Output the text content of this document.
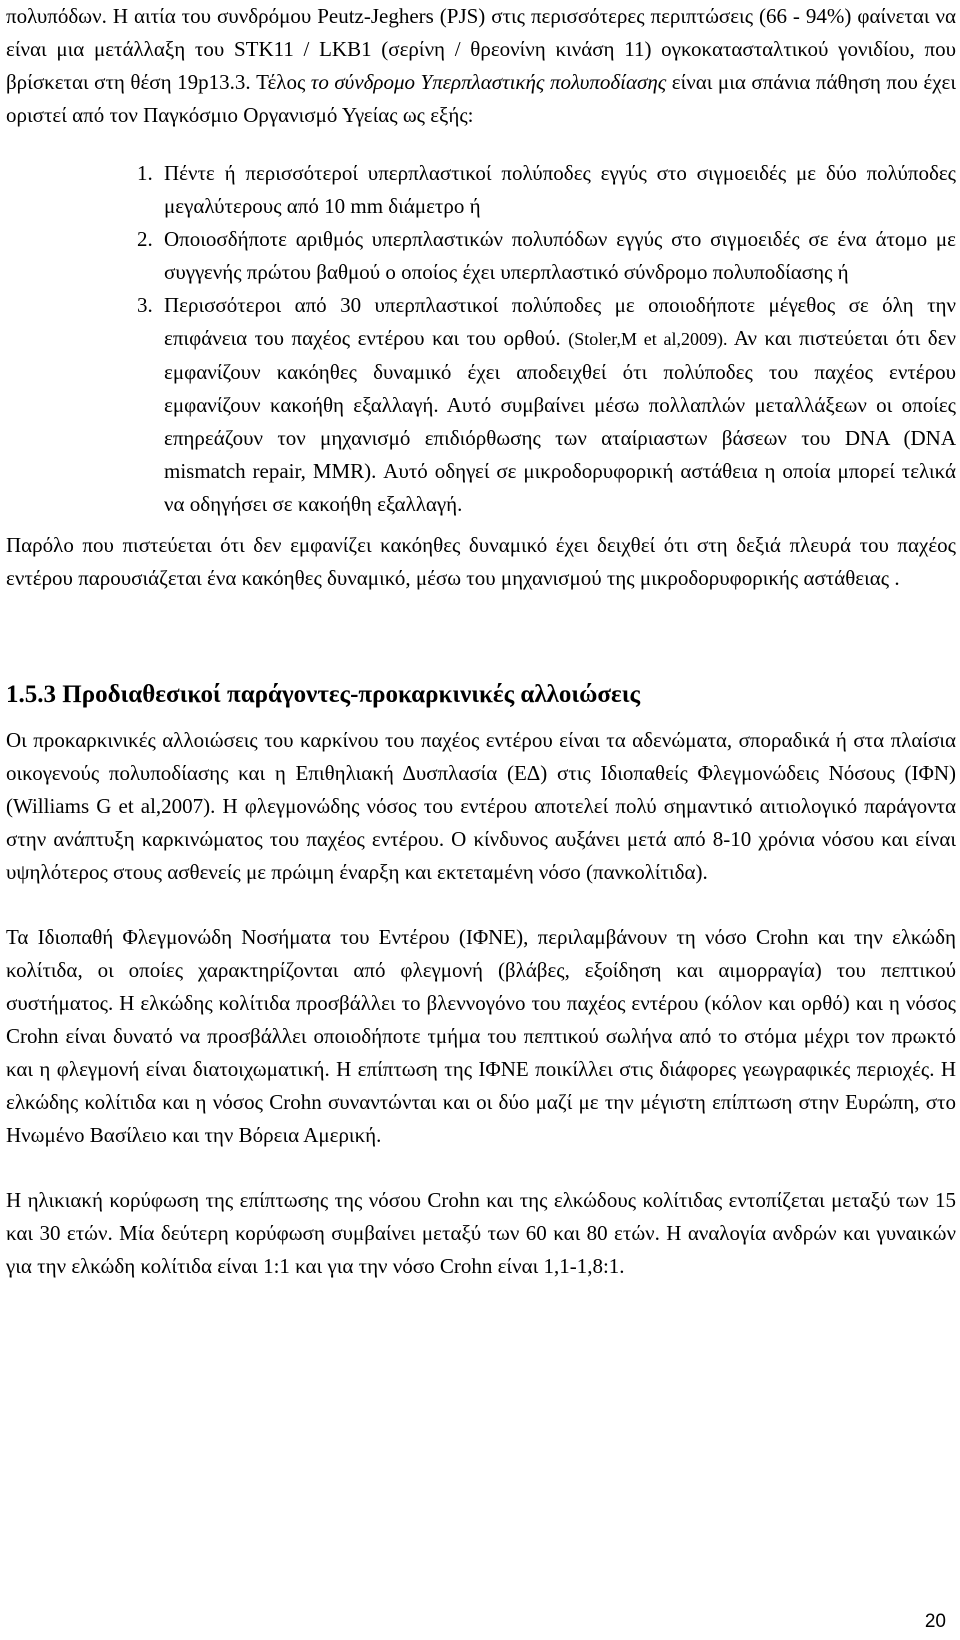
πολυπόδων. Η αιτία του συνδρόμου Peutz-Jeghers (PJS) στις περισσότερες περιπτώσεις (66 - 94%) φαίνεται να είναι μια μετάλλαξη του STK11 / LKB1 (σερίνη / θρεονίνη κινάση 11) ογκοκατασταλτικού γονιδίου, που βρίσκεται στη θέση 19p13.3. Τέλος το σύνδρομο Υπερπλαστικής πολυποδίασης είναι μια σπάνια πάθηση που έχει οριστεί από τον Παγκόσμιο Οργανισμό Υγείας ως εξής:

1. Πέντε ή περισσότεροί υπερπλαστικοί πολύποδες εγγύς στο σιγμοειδές με δύο πολύποδες μεγαλύτερους από 10 mm διάμετρο ή
2. Οποιοσδήποτε αριθμός υπερπλαστικών πολυπόδων εγγύς στο σιγμοειδές σε ένα άτομο με συγγενής πρώτου βαθμού ο οποίος έχει υπερπλαστικό σύνδρομο πολυποδίασης ή
3. Περισσότεροι από 30 υπερπλαστικοί πολύποδες με οποιοδήποτε μέγεθος σε όλη την επιφάνεια του παχέος εντέρου και του ορθού. (Stoler,M et al,2009). Αν και πιστεύεται ότι δεν εμφανίζουν κακόηθες δυναμικό έχει αποδειχθεί ότι πολύποδες του παχέος εντέρου εμφανίζουν κακοήθη εξαλλαγή. Αυτό συμβαίνει μέσω πολλαπλών μεταλλάξεων οι οποίες επηρεάζουν τον μηχανισμό επιδιόρθωσης των αταίριαστων βάσεων του DNA (DNA mismatch repair, MMR). Αυτό οδηγεί σε μικροδορυφορική αστάθεια η οποία μπορεί τελικά να οδηγήσει σε κακοήθη εξαλλαγή.

Παρόλο που πιστεύεται ότι δεν εμφανίζει κακόηθες δυναμικό έχει δειχθεί ότι στη δεξιά πλευρά του παχέος εντέρου παρουσιάζεται ένα κακόηθες δυναμικό, μέσω του μηχανισμού της μικροδορυφορικής αστάθειας .

1.5.3 Προδιαθεσικοί παράγοντες-προκαρκινικές αλλοιώσεις

Οι προκαρκινικές αλλοιώσεις του καρκίνου του παχέος εντέρου είναι τα αδενώματα, σποραδικά ή στα πλαίσια οικογενούς πολυποδίασης και η Επιθηλιακή Δυσπλασία (ΕΔ) στις Ιδιοπαθείς Φλεγμονώδεις Νόσους (ΙΦΝ) (Williams G et al,2007). Η φλεγμονώδης νόσος του εντέρου αποτελεί πολύ σημαντικό αιτιολογικό παράγοντα στην ανάπτυξη καρκινώματος του παχέος εντέρου. Ο κίνδυνος αυξάνει μετά από 8-10 χρόνια νόσου και είναι υψηλότερος στους ασθενείς με πρώιμη έναρξη και εκτεταμένη νόσο (πανκολίτιδα).

Τα Ιδιοπαθή Φλεγμονώδη Νοσήματα του Εντέρου (ΙΦΝΕ), περιλαμβάνουν τη νόσο Crohn και την ελκώδη κολίτιδα, οι οποίες χαρακτηρίζονται από φλεγμονή (βλάβες, εξοίδηση και αιμορραγία) του πεπτικού συστήματος. Η ελκώδης κολίτιδα προσβάλλει το βλεννογόνο του παχέος εντέρου (κόλον και ορθό) και η νόσος Crohn είναι δυνατό να προσβάλλει οποιοδήποτε τμήμα του πεπτικού σωλήνα από το στόμα μέχρι τον πρωκτό και η φλεγμονή είναι διατοιχωματική. Η επίπτωση της ΙΦΝΕ ποικίλλει στις διάφορες γεωγραφικές περιοχές. Η ελκώδης κολίτιδα και η νόσος Crohn συναντώνται και οι δύο μαζί με την μέγιστη επίπτωση στην Ευρώπη, στο Ηνωμένο Βασίλειο και την Βόρεια Αμερική.

Η ηλικιακή κορύφωση της επίπτωσης της νόσου Crohn και της ελκώδους κολίτιδας εντοπίζεται μεταξύ των 15 και 30 ετών. Μία δεύτερη κορύφωση συμβαίνει μεταξύ των 60 και 80 ετών. Η αναλογία ανδρών και γυναικών για την ελκώδη κολίτιδα είναι 1:1 και για την νόσο Crohn είναι 1,1-1,8:1.

20
